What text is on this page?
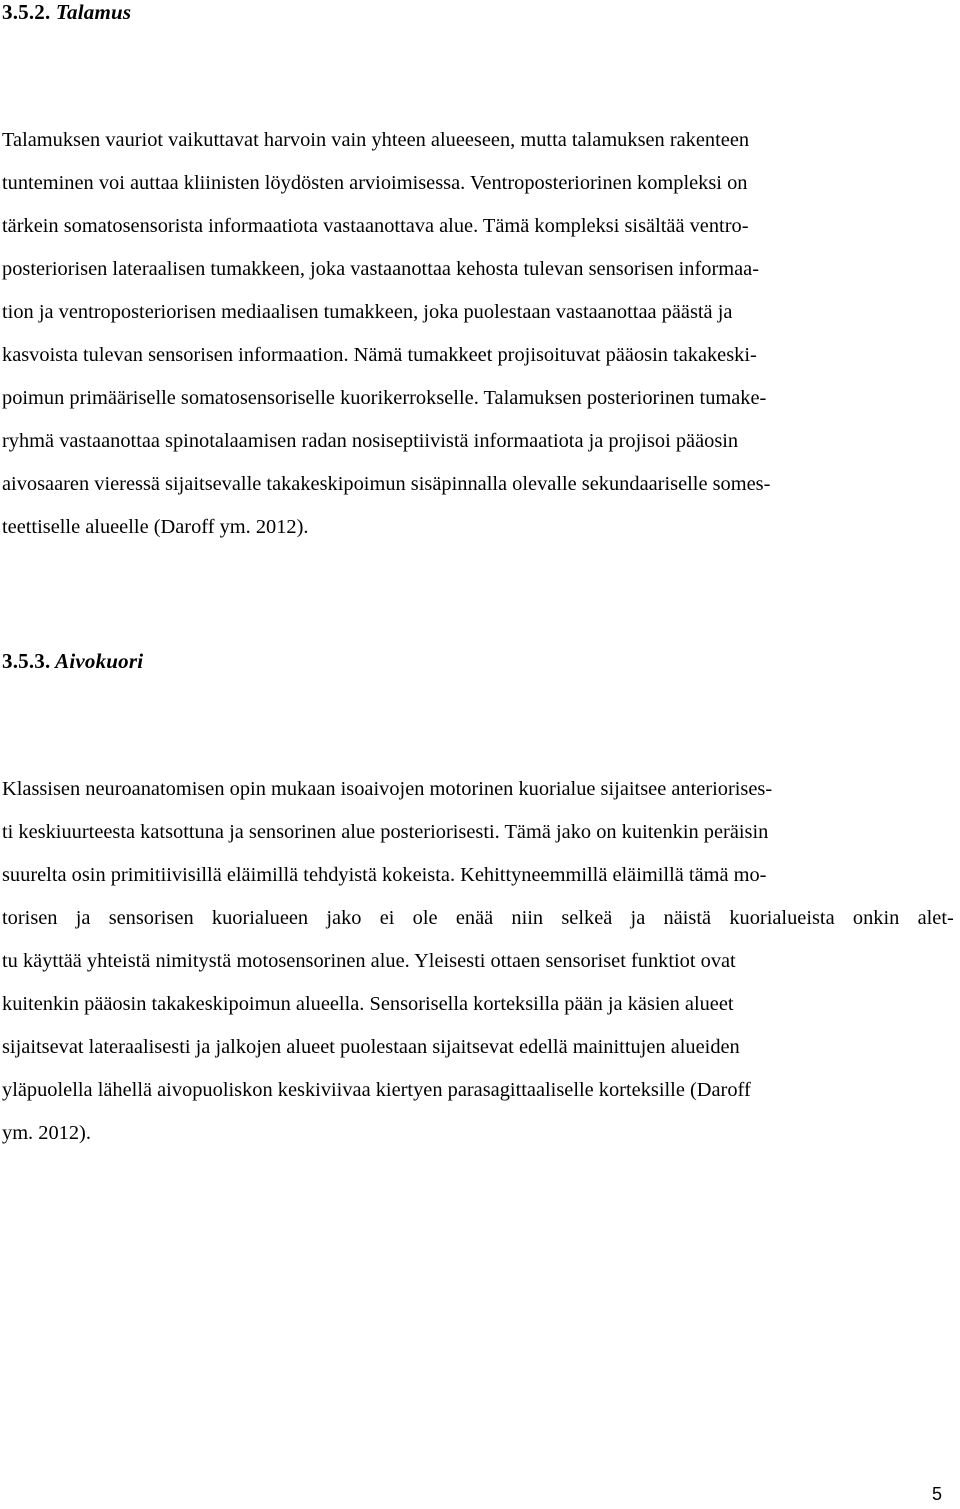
3.5.2. Talamus
Talamuksen vauriot vaikuttavat harvoin vain yhteen alueeseen, mutta talamuksen rakenteen
tunteminen voi auttaa kliinisten löydösten arvioimisessa. Ventroposteriorinen kompleksi on
tärkein somatosensorista informaatiota vastaanottava alue. Tämä kompleksi sisältää ventro-
posteriorisen lateraalisen tumakkeen, joka vastaanottaa kehosta tulevan sensorisen informaa-
tion ja ventroposteriorisen mediaalisen tumakkeen, joka puolestaan vastaanottaa päästä ja
kasvoista tulevan sensorisen informaation. Nämä tumakkeet projisoituvat pääosin takakeski-
poimun primääriselle somatosensoriselle kuorikerrokselle. Talamuksen posteriorinen tumake-
ryhmä vastaanottaa spinotalaamisen radan nosiseptiivistä informaatiota ja projisoi pääosin
aivosaaren vieressä sijaitsevalle takakeskipoimun sisäpinnalla olevalle sekundaariselle somes-
teettiselle alueelle (Daroff ym. 2012).
3.5.3. Aivokuori
Klassisen neuroanatomisen opin mukaan isoaivojen motorinen kuorialue sijaitsee anteriorises-
ti keskiuurteesta katsottuna ja sensorinen alue posteriorisesti. Tämä jako on kuitenkin peräisin
suurelta osin primitiivisillä eläimillä tehdyistä kokeista. Kehittyneemmillä eläimillä tämä mo-
torisen ja sensorisen kuorialueen jako ei ole enää niin selkeä ja näistä kuorialueista onkin alet-
tu käyttää yhteistä nimitystä motosensorinen alue. Yleisesti ottaen sensoriset funktiot ovat
kuitenkin pääosin takakeskipoimun alueella. Sensorisella korteksilla pään ja käsien alueet
sijaitsevat lateraalisesti ja jalkojen alueet puolestaan sijaitsevat edellä mainittujen alueiden
yläpuolella lähellä aivopuoliskon keskiviivaa kiertyen parasagittaaliselle korteksille (Daroff
ym. 2012).
5
